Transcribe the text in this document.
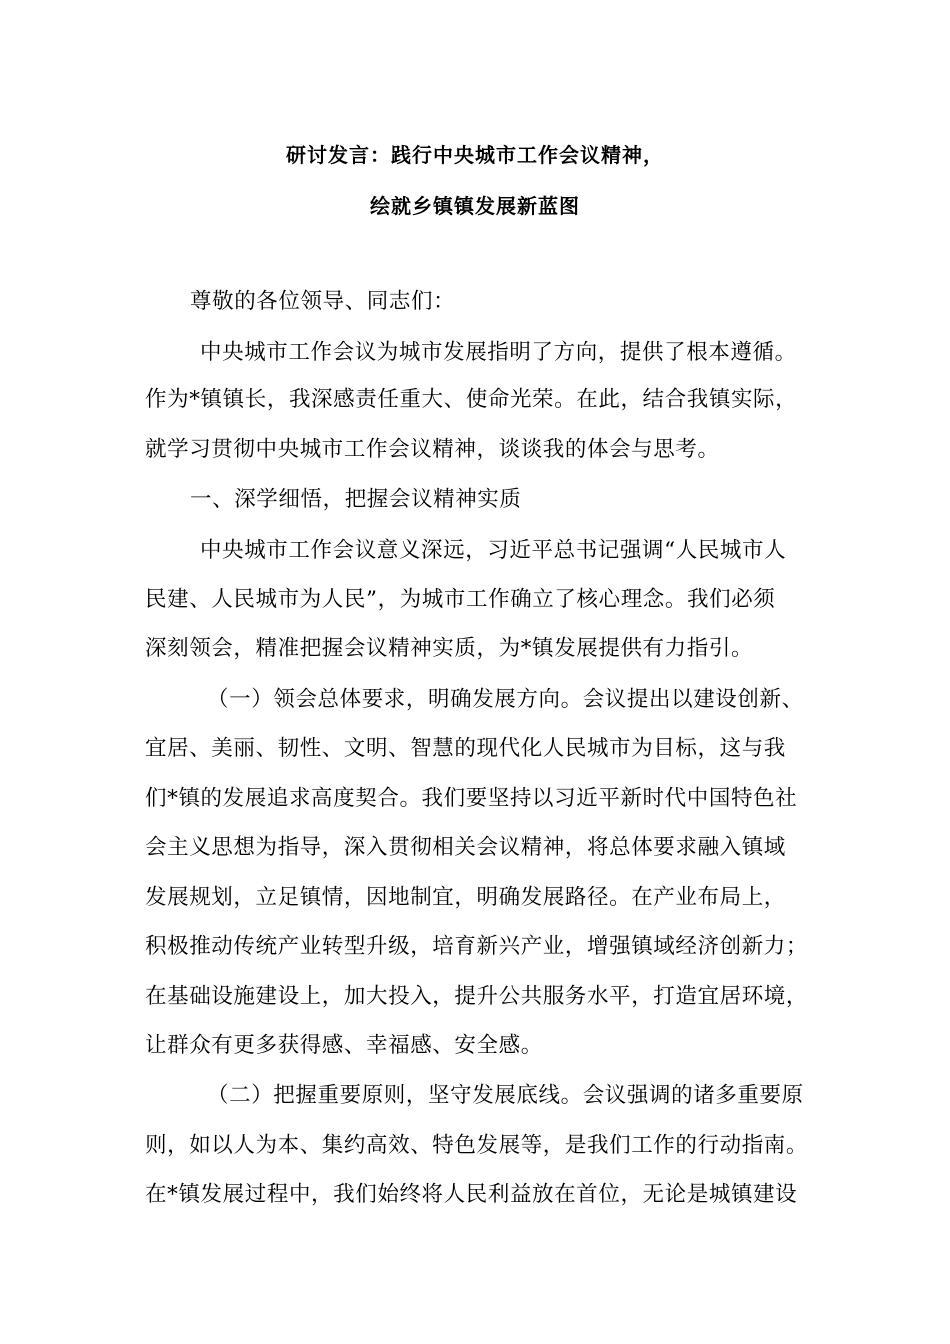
研讨发言：践行中央城市工作会议精神，
绘就乡镇镇发展新蓝图
尊敬的各位领导、同志们：
中央城市工作会议为城市发展指明了方向，提供了根本遵循。
作为*镇镇长，我深感责任重大、使命光荣。在此，结合我镇实际，
就学习贯彻中央城市工作会议精神，谈谈我的体会与思考。
一、深学细悟，把握会议精神实质
中央城市工作会议意义深远，习近平总书记强调“人民城市人
民建、人民城市为人民”，为城市工作确立了核心理念。我们必须
深刻领会，精准把握会议精神实质，为*镇发展提供有力指引。
（一）领会总体要求，明确发展方向。会议提出以建设创新、
宜居、美丽、韧性、文明、智慧的现代化人民城市为目标，这与我
们*镇的发展追求高度契合。我们要坚持以习近平新时代中国特色社
会主义思想为指导，深入贯彻相关会议精神，将总体要求融入镇域
发展规划，立足镇情，因地制宜，明确发展路径。在产业布局上，
积极推动传统产业转型升级，培育新兴产业，增强镇域经济创新力；
在基础设施建设上，加大投入，提升公共服务水平，打造宜居环境，
让群众有更多获得感、幸福感、安全感。
（二）把握重要原则，坚守发展底线。会议强调的诸多重要原
则，如以人为本、集约高效、特色发展等，是我们工作的行动指南。
在*镇发展过程中，我们始终将人民利益放在首位，无论是城镇建设
